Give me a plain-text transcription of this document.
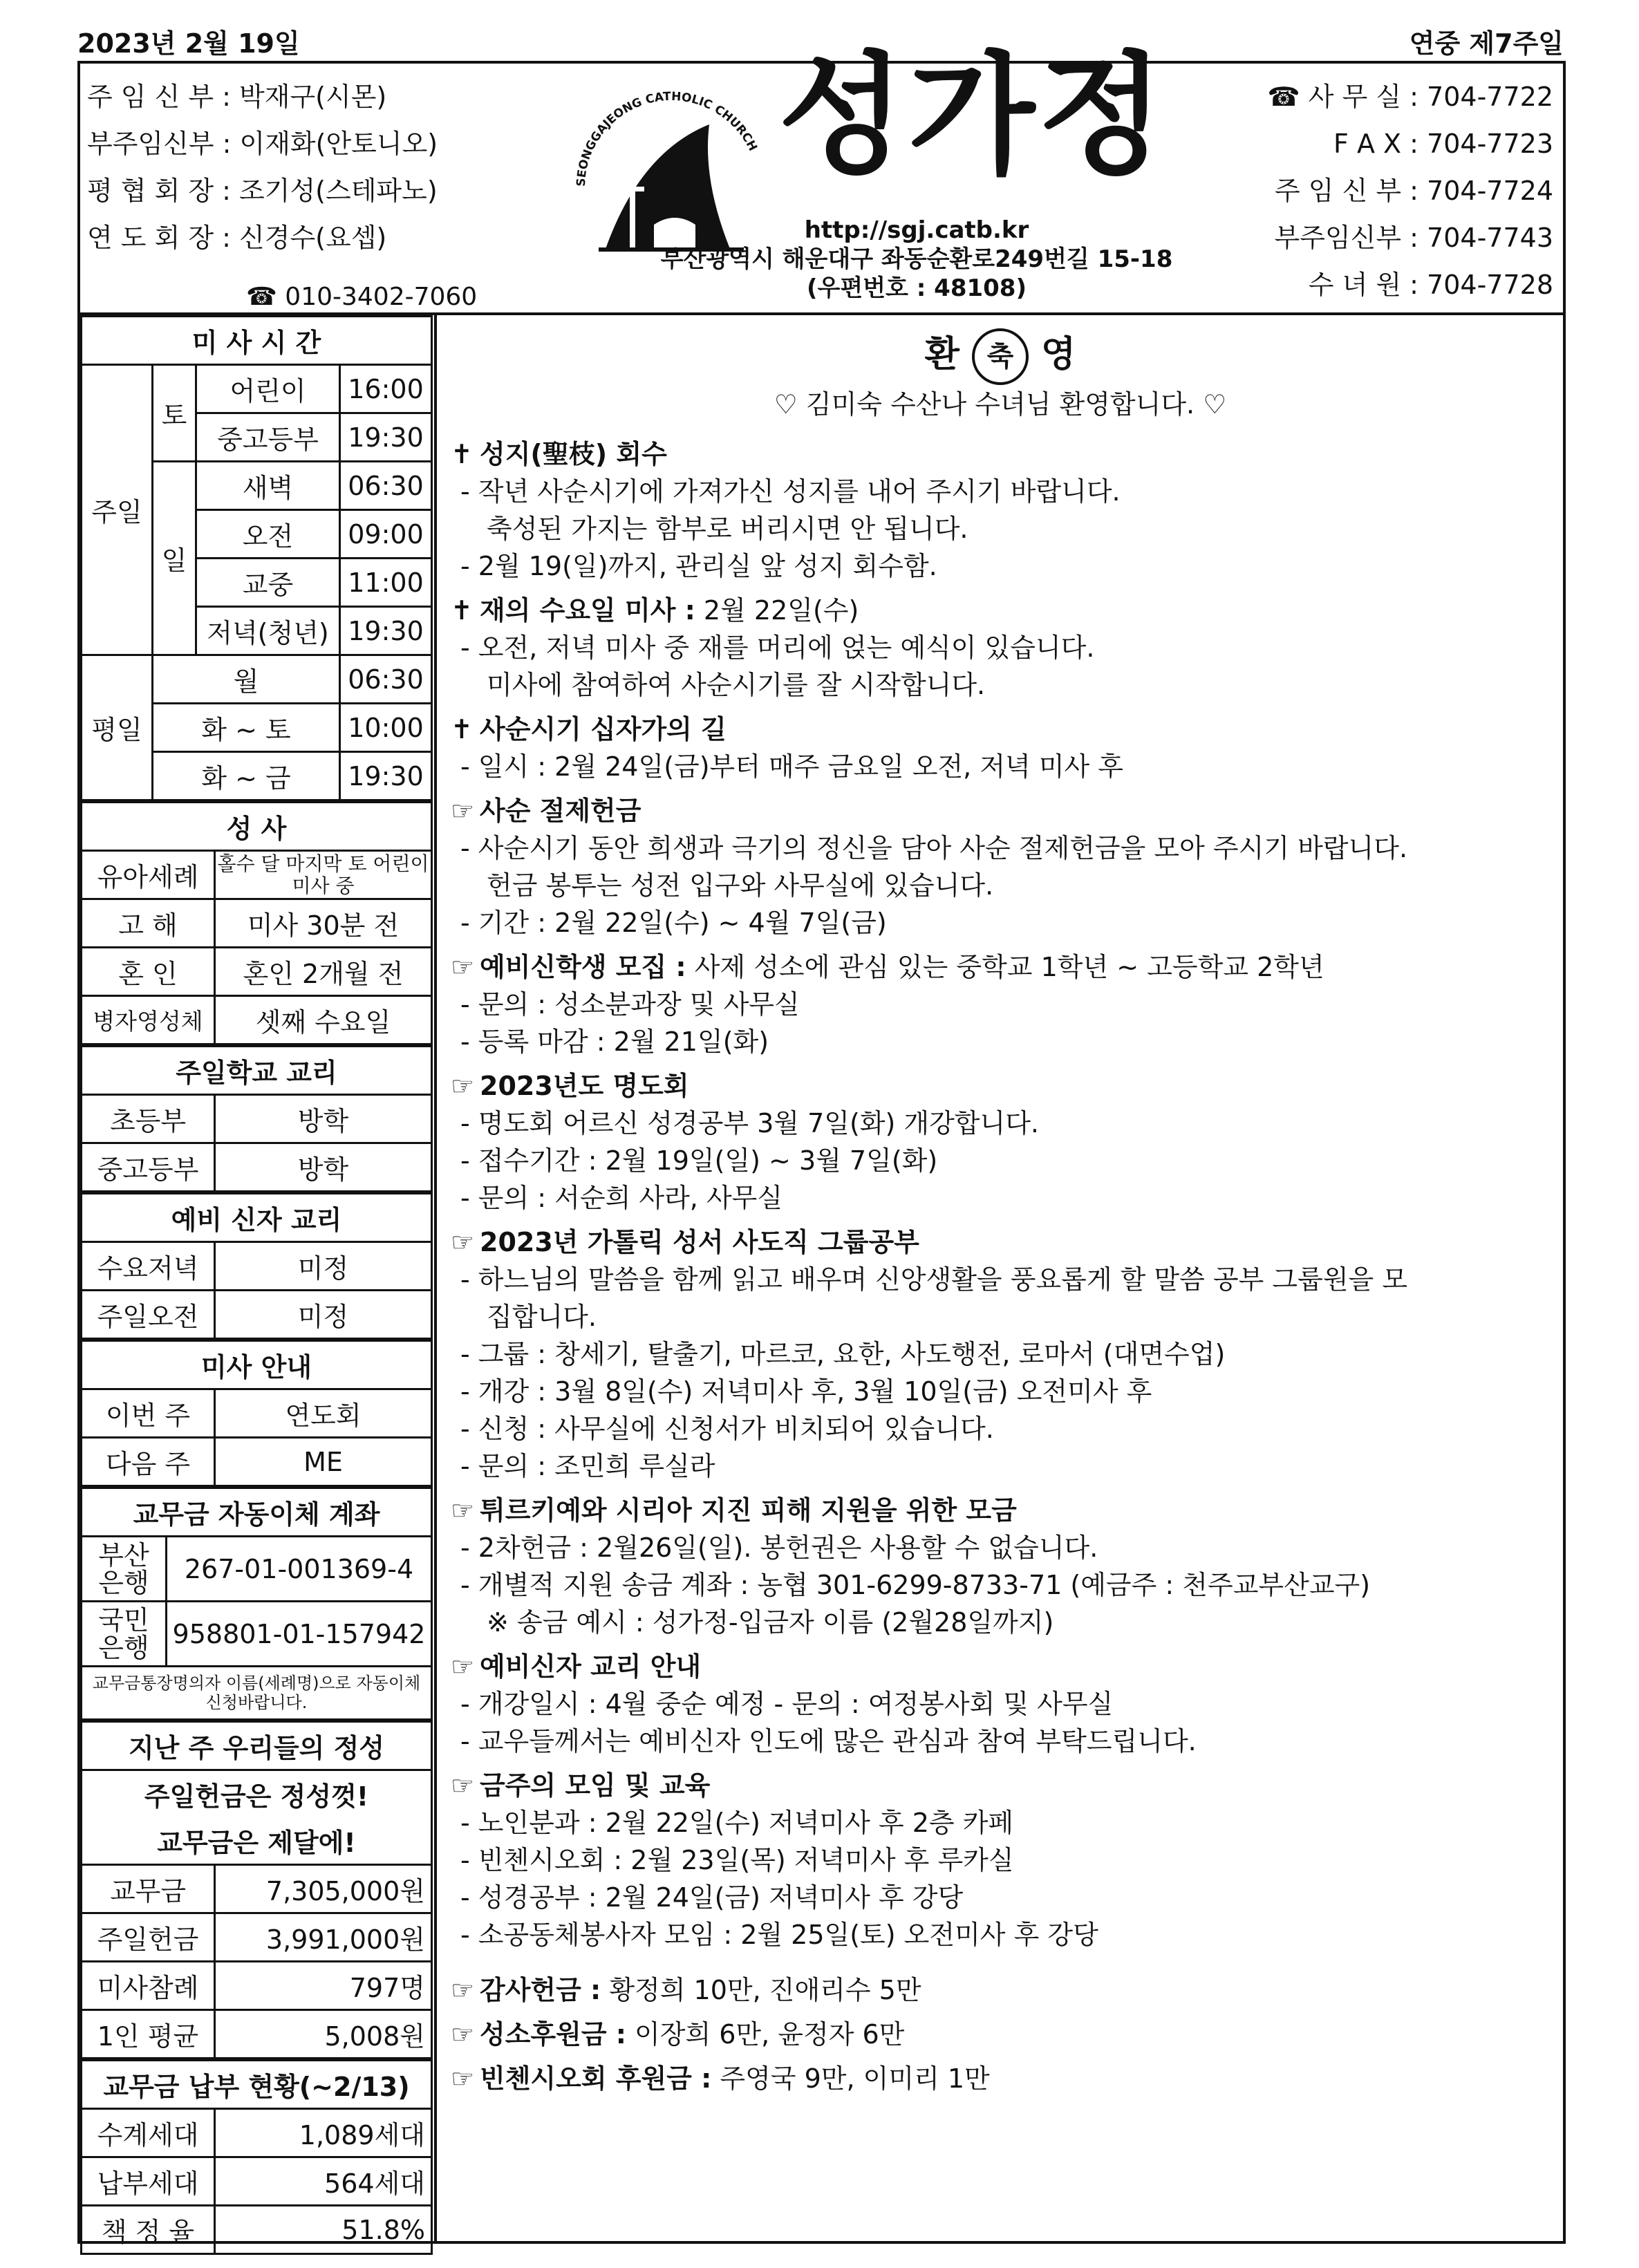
2023년 2월 19일	연중 제7주일
주 임 신 부 : 박재구(시몬)
부주임신부 : 이재화(안토니오)
평 협 회 장 : 조기성(스테파노)
연 도 회 장 : 신경수(요셉)
☎ 010-3402-7060
SEONGGAJEONG CATHOLIC CHURCH 성가정
http://sgj.catb.kr
부산광역시 해운대구 좌동순환로249번길 15-18
(우편번호 : 48108)
☎ 사 무 실 : 704-7722
F A X : 704-7723
주 임 신 부 : 704-7724
부주임신부 : 704-7743
수 녀 원 : 704-7728
미 사 시 간			
주일	토	어린이	16:00
		중고등부	19:30
	일	새벽	06:30
		오전	09:00
		교중	11:00
		저녁(청년)	19:30
평일	월		06:30
	화 ~ 토		10:00
	화 ~ 금		19:30
성 사	
유아세례	홀수 달 마지막 토 어린이 미사 중
고 해	미사 30분 전
혼 인	혼인 2개월 전
병자영성체	셋째 수요일
주일학교 교리	
초등부	방학
중고등부	방학
예비 신자 교리	
수요저녁	미정
주일오전	미정
미사 안내	
이번 주	연도회
다음 주	ME
교무금 자동이체 계좌	
부산
은행	267-01-001369-4
국민
은행	958801-01-157942
교무금통장명의자 이름(세례명)으로 자동이체 신청바랍니다.	
지난 주 우리들의 정성	
주일헌금은 정성껏!	
교무금은 제달에!	
교무금	7,305,000원
주일헌금	3,991,000원
미사참례	797명
1인 평균	5,008원
교무금 납부 현황(~2/13)	
수계세대	1,089세대
납부세대	564세대
책 정 율	51.8%
환 축 영
♡ 김미숙 수산나 수녀님 환영합니다. ♡
✝ 성지(聖枝) 회수
- 작년 사순시기에 가져가신 성지를 내어 주시기 바랍니다.
축성된 가지는 함부로 버리시면 안 됩니다.
- 2월 19(일)까지, 관리실 앞 성지 회수함.
✝ 재의 수요일 미사 : 2월 22일(수)
- 오전, 저녁 미사 중 재를 머리에 얹는 예식이 있습니다.
미사에 참여하여 사순시기를 잘 시작합니다.
✝ 사순시기 십자가의 길
- 일시 : 2월 24일(금)부터 매주 금요일 오전, 저녁 미사 후
☞ 사순 절제헌금
- 사순시기 동안 희생과 극기의 정신을 담아 사순 절제헌금을 모아 주시기 바랍니다.
헌금 봉투는 성전 입구와 사무실에 있습니다.
- 기간 : 2월 22일(수) ~ 4월 7일(금)
☞ 예비신학생 모집 : 사제 성소에 관심 있는 중학교 1학년 ~ 고등학교 2학년
- 문의 : 성소분과장 및 사무실
- 등록 마감 : 2월 21일(화)
☞ 2023년도 명도회
- 명도회 어르신 성경공부 3월 7일(화) 개강합니다.
- 접수기간 : 2월 19일(일) ~ 3월 7일(화)
- 문의 : 서순희 사라, 사무실
☞ 2023년 가톨릭 성서 사도직 그룹공부
- 하느님의 말씀을 함께 읽고 배우며 신앙생활을 풍요롭게 할 말씀 공부 그룹원을 모
집합니다.
- 그룹 : 창세기, 탈출기, 마르코, 요한, 사도행전, 로마서 (대면수업)
- 개강 : 3월 8일(수) 저녁미사 후, 3월 10일(금) 오전미사 후
- 신청 : 사무실에 신청서가 비치되어 있습니다.
- 문의 : 조민희 루실라
☞ 튀르키예와 시리아 지진 피해 지원을 위한 모금
- 2차헌금 : 2월26일(일). 봉헌권은 사용할 수 없습니다.
- 개별적 지원 송금 계좌 : 농협 301-6299-8733-71 (예금주 : 천주교부산교구)
※ 송금 예시 : 성가정-입금자 이름 (2월28일까지)
☞ 예비신자 교리 안내
- 개강일시 : 4월 중순 예정 - 문의 : 여정봉사회 및 사무실
- 교우들께서는 예비신자 인도에 많은 관심과 참여 부탁드립니다.
☞ 금주의 모임 및 교육
- 노인분과 : 2월 22일(수) 저녁미사 후 2층 카페
- 빈첸시오회 : 2월 23일(목) 저녁미사 후 루카실
- 성경공부 : 2월 24일(금) 저녁미사 후 강당
- 소공동체봉사자 모임 : 2월 25일(토) 오전미사 후 강당
☞ 감사헌금 : 황정희 10만, 진애리수 5만
☞ 성소후원금 : 이장희 6만, 윤정자 6만
☞ 빈첸시오회 후원금 : 주영국 9만, 이미리 1만
